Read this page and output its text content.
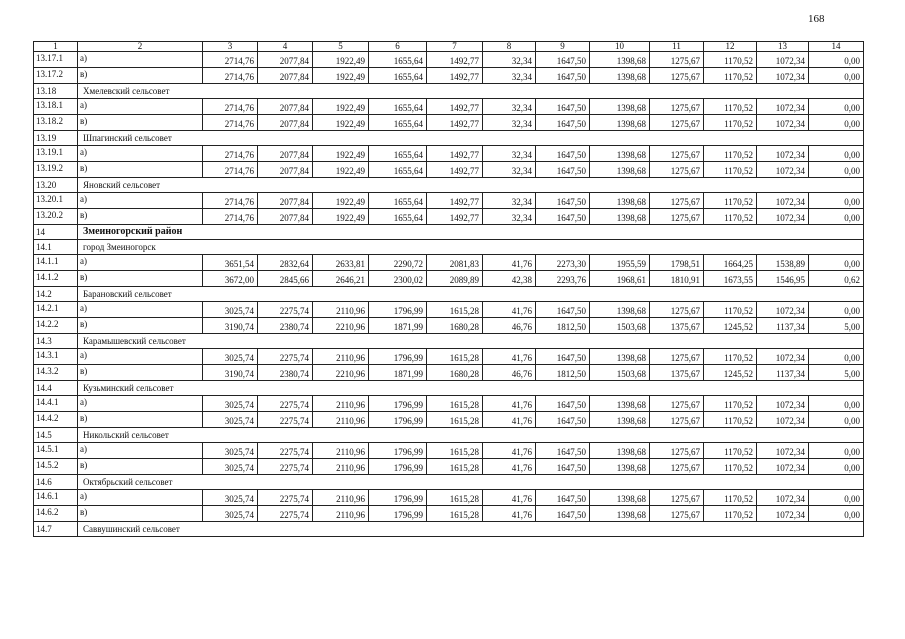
168
1	2	3	4	5	6	7	8	9	10	11	12	13	14
13.17.1	а)	2714,76	2077,84	1922,49	1655,64	1492,77	32,34	1647,50	1398,68	1275,67	1170,52	1072,34	0,00
13.17.2	в)	2714,76	2077,84	1922,49	1655,64	1492,77	32,34	1647,50	1398,68	1275,67	1170,52	1072,34	0,00
13.18	Хмелевский сельсовет												
13.18.1	а)	2714,76	2077,84	1922,49	1655,64	1492,77	32,34	1647,50	1398,68	1275,67	1170,52	1072,34	0,00
13.18.2	в)	2714,76	2077,84	1922,49	1655,64	1492,77	32,34	1647,50	1398,68	1275,67	1170,52	1072,34	0,00
13.19	Шпагинский сельсовет												
13.19.1	а)	2714,76	2077,84	1922,49	1655,64	1492,77	32,34	1647,50	1398,68	1275,67	1170,52	1072,34	0,00
13.19.2	в)	2714,76	2077,84	1922,49	1655,64	1492,77	32,34	1647,50	1398,68	1275,67	1170,52	1072,34	0,00
13.20	Яновский сельсовет												
13.20.1	а)	2714,76	2077,84	1922,49	1655,64	1492,77	32,34	1647,50	1398,68	1275,67	1170,52	1072,34	0,00
13.20.2	в)	2714,76	2077,84	1922,49	1655,64	1492,77	32,34	1647,50	1398,68	1275,67	1170,52	1072,34	0,00
14	Змеиногорский район												
14.1	город Змеиногорск												
14.1.1	а)	3651,54	2832,64	2633,81	2290,72	2081,83	41,76	2273,30	1955,59	1798,51	1664,25	1538,89	0,00
14.1.2	в)	3672,00	2845,66	2646,21	2300,02	2089,89	42,38	2293,76	1968,61	1810,91	1673,55	1546,95	0,62
14.2	Барановский сельсовет												
14.2.1	а)	3025,74	2275,74	2110,96	1796,99	1615,28	41,76	1647,50	1398,68	1275,67	1170,52	1072,34	0,00
14.2.2	в)	3190,74	2380,74	2210,96	1871,99	1680,28	46,76	1812,50	1503,68	1375,67	1245,52	1137,34	5,00
14.3	Карамышевский сельсовет												
14.3.1	а)	3025,74	2275,74	2110,96	1796,99	1615,28	41,76	1647,50	1398,68	1275,67	1170,52	1072,34	0,00
14.3.2	в)	3190,74	2380,74	2210,96	1871,99	1680,28	46,76	1812,50	1503,68	1375,67	1245,52	1137,34	5,00
14.4	Кузьминский сельсовет												
14.4.1	а)	3025,74	2275,74	2110,96	1796,99	1615,28	41,76	1647,50	1398,68	1275,67	1170,52	1072,34	0,00
14.4.2	в)	3025,74	2275,74	2110,96	1796,99	1615,28	41,76	1647,50	1398,68	1275,67	1170,52	1072,34	0,00
14.5	Никольский сельсовет												
14.5.1	а)	3025,74	2275,74	2110,96	1796,99	1615,28	41,76	1647,50	1398,68	1275,67	1170,52	1072,34	0,00
14.5.2	в)	3025,74	2275,74	2110,96	1796,99	1615,28	41,76	1647,50	1398,68	1275,67	1170,52	1072,34	0,00
14.6	Октябрьский сельсовет												
14.6.1	а)	3025,74	2275,74	2110,96	1796,99	1615,28	41,76	1647,50	1398,68	1275,67	1170,52	1072,34	0,00
14.6.2	в)	3025,74	2275,74	2110,96	1796,99	1615,28	41,76	1647,50	1398,68	1275,67	1170,52	1072,34	0,00
14.7	Саввушинский сельсовет												
